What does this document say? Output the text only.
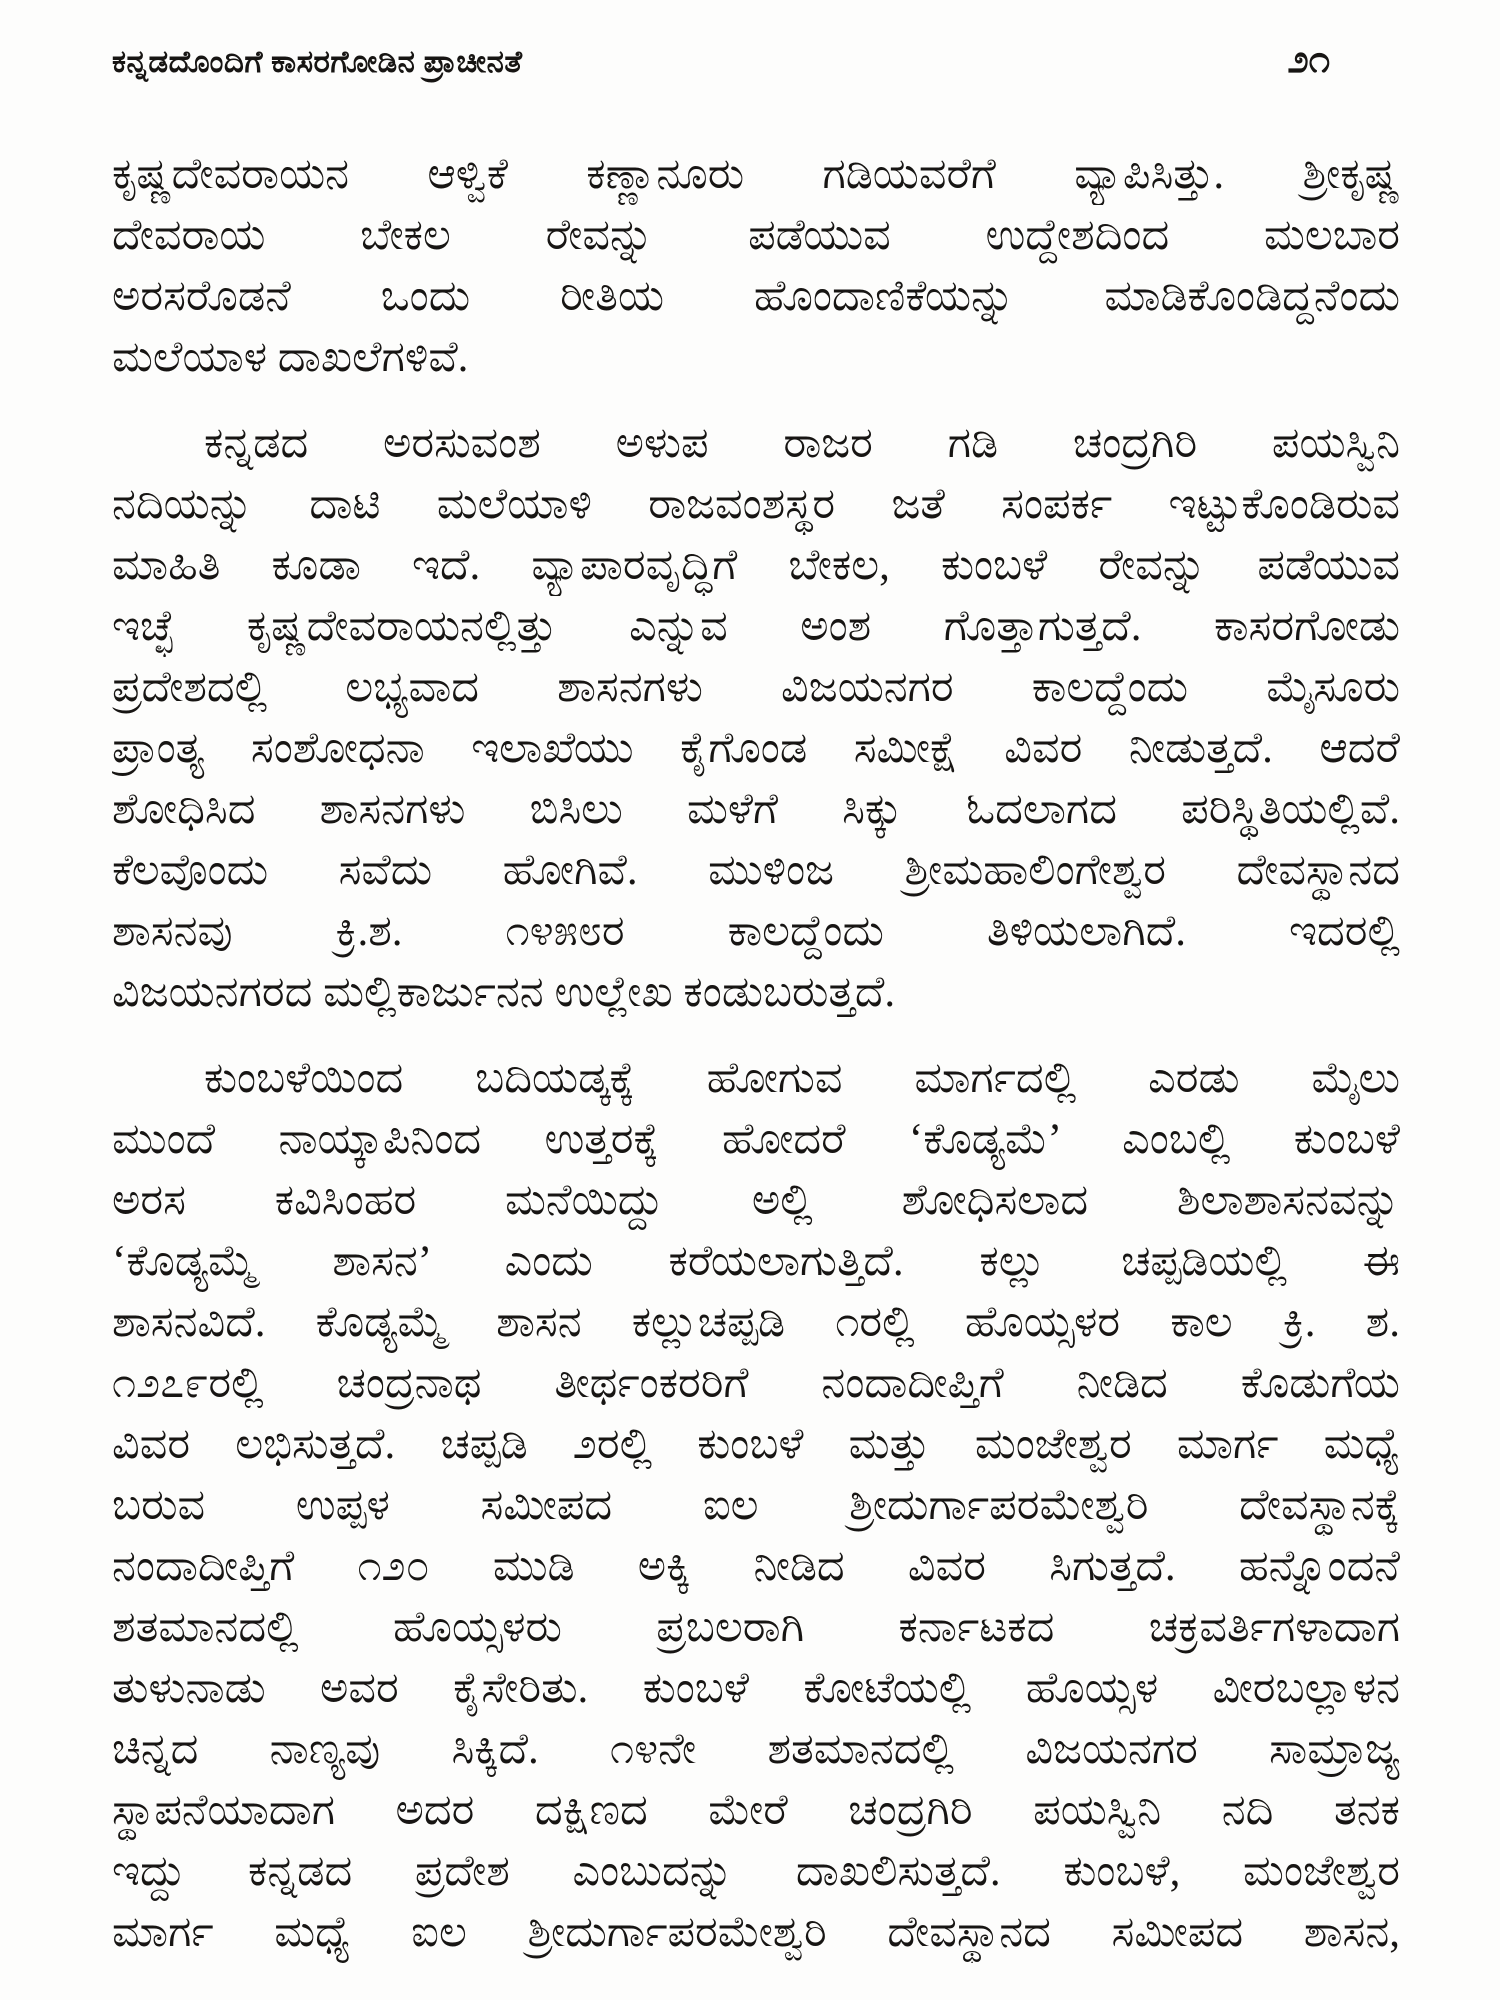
ಕನ್ನಡದೊಂದಿಗೆ ಕಾಸರಗೋಡಿನ ಪ್ರಾಚೀನತೆ	೨೧
ಕೃಷ್ಣದೇವರಾಯನ ಆಳ್ವಿಕೆ ಕಣ್ಣಾನೂರು ಗಡಿಯವರೆಗೆ ವ್ಯಾಪಿಸಿತ್ತು. ಶ್ರೀಕೃಷ್ಣ
ದೇವರಾಯ ಬೇಕಲ ರೇವನ್ನು ಪಡೆಯುವ ಉದ್ದೇಶದಿಂದ ಮಲಬಾರ
ಅರಸರೊಡನೆ ಒಂದು ರೀತಿಯ ಹೊಂದಾಣಿಕೆಯನ್ನು ಮಾಡಿಕೊಂಡಿದ್ದನೆಂದು
ಮಲೆಯಾಳ ದಾಖಲೆಗಳಿವೆ.
ಕನ್ನಡದ ಅರಸುವಂಶ ಅಳುಪ ರಾಜರ ಗಡಿ ಚಂದ್ರಗಿರಿ ಪಯಸ್ವಿನಿ
ನದಿಯನ್ನು ದಾಟಿ ಮಲೆಯಾಳಿ ರಾಜವಂಶಸ್ಥರ ಜತೆ ಸಂಪರ್ಕ ಇಟ್ಟುಕೊಂಡಿರುವ
ಮಾಹಿತಿ ಕೂಡಾ ಇದೆ. ವ್ಯಾಪಾರವೃದ್ಧಿಗೆ ಬೇಕಲ, ಕುಂಬಳೆ ರೇವನ್ನು ಪಡೆಯುವ
ಇಚ್ಛೆ ಕೃಷ್ಣದೇವರಾಯನಲ್ಲಿತ್ತು ಎನ್ನುವ ಅಂಶ ಗೊತ್ತಾಗುತ್ತದೆ. ಕಾಸರಗೋಡು
ಪ್ರದೇಶದಲ್ಲಿ ಲಭ್ಯವಾದ ಶಾಸನಗಳು ವಿಜಯನಗರ ಕಾಲದ್ದೆಂದು ಮೈಸೂರು
ಪ್ರಾಂತ್ಯ ಸಂಶೋಧನಾ ಇಲಾಖೆಯು ಕೈಗೊಂಡ ಸಮೀಕ್ಷೆ ವಿವರ ನೀಡುತ್ತದೆ. ಆದರೆ
ಶೋಧಿಸಿದ ಶಾಸನಗಳು ಬಿಸಿಲು ಮಳೆಗೆ ಸಿಕ್ಕು ಓದಲಾಗದ ಪರಿಸ್ಥಿತಿಯಲ್ಲಿವೆ.
ಕೆಲವೊಂದು ಸವೆದು ಹೋಗಿವೆ. ಮುಳಿಂಜ ಶ್ರೀಮಹಾಲಿಂಗೇಶ್ವರ ದೇವಸ್ಥಾನದ
ಶಾಸನವು ಕ್ರಿ.ಶ. ೧೪೫೮ರ ಕಾಲದ್ದೆಂದು ತಿಳಿಯಲಾಗಿದೆ. ಇದರಲ್ಲಿ
ವಿಜಯನಗರದ ಮಲ್ಲಿಕಾರ್ಜುನನ ಉಲ್ಲೇಖ ಕಂಡುಬರುತ್ತದೆ.
ಕುಂಬಳೆಯಿಂದ ಬದಿಯಡ್ಕಕ್ಕೆ ಹೋಗುವ ಮಾರ್ಗದಲ್ಲಿ ಎರಡು ಮೈಲು
ಮುಂದೆ ನಾಯ್ಕಾಪಿನಿಂದ ಉತ್ತರಕ್ಕೆ ಹೋದರೆ ‘ಕೊಡ್ಯಮೆ’ ಎಂಬಲ್ಲಿ ಕುಂಬಳೆ
ಅರಸ ಕವಿಸಿಂಹರ ಮನೆಯಿದ್ದು ಅಲ್ಲಿ ಶೋಧಿಸಲಾದ ಶಿಲಾಶಾಸನವನ್ನು
‘ಕೊಡ್ಯಮ್ಮೆ ಶಾಸನ’ ಎಂದು ಕರೆಯಲಾಗುತ್ತಿದೆ. ಕಲ್ಲು ಚಪ್ಪಡಿಯಲ್ಲಿ ಈ
ಶಾಸನವಿದೆ. ಕೊಡ್ಯಮ್ಮೆ ಶಾಸನ ಕಲ್ಲುಚಪ್ಪಡಿ ೧ರಲ್ಲಿ ಹೊಯ್ಸಳರ ಕಾಲ ಕ್ರಿ. ಶ.
೧೨೭೯ರಲ್ಲಿ ಚಂದ್ರನಾಥ ತೀರ್ಥಂಕರರಿಗೆ ನಂದಾದೀಪ್ತಿಗೆ ನೀಡಿದ ಕೊಡುಗೆಯ
ವಿವರ ಲಭಿಸುತ್ತದೆ. ಚಪ್ಪಡಿ ೨ರಲ್ಲಿ ಕುಂಬಳೆ ಮತ್ತು ಮಂಜೇಶ್ವರ ಮಾರ್ಗ ಮಧ್ಯೆ
ಬರುವ ಉಪ್ಪಳ ಸಮೀಪದ ಐಲ ಶ್ರೀದುರ್ಗಾಪರಮೇಶ್ವರಿ ದೇವಸ್ಥಾನಕ್ಕೆ
ನಂದಾದೀಪ್ತಿಗೆ ೧೨೦ ಮುಡಿ ಅಕ್ಕಿ ನೀಡಿದ ವಿವರ ಸಿಗುತ್ತದೆ. ಹನ್ನೊಂದನೆ
ಶತಮಾನದಲ್ಲಿ ಹೊಯ್ಸಳರು ಪ್ರಬಲರಾಗಿ ಕರ್ನಾಟಕದ ಚಕ್ರವರ್ತಿಗಳಾದಾಗ
ತುಳುನಾಡು ಅವರ ಕೈಸೇರಿತು. ಕುಂಬಳೆ ಕೋಟೆಯಲ್ಲಿ ಹೊಯ್ಸಳ ವೀರಬಲ್ಲಾಳನ
ಚಿನ್ನದ ನಾಣ್ಯವು ಸಿಕ್ಕಿದೆ. ೧೪ನೇ ಶತಮಾನದಲ್ಲಿ ವಿಜಯನಗರ ಸಾಮ್ರಾಜ್ಯ
ಸ್ಥಾಪನೆಯಾದಾಗ ಅದರ ದಕ್ಷಿಣದ ಮೇರೆ ಚಂದ್ರಗಿರಿ ಪಯಸ್ವಿನಿ ನದಿ ತನಕ
ಇದ್ದು ಕನ್ನಡದ ಪ್ರದೇಶ ಎಂಬುದನ್ನು ದಾಖಲಿಸುತ್ತದೆ. ಕುಂಬಳೆ, ಮಂಜೇಶ್ವರ
ಮಾರ್ಗ ಮಧ್ಯೆ ಐಲ ಶ್ರೀದುರ್ಗಾಪರಮೇಶ್ವರಿ ದೇವಸ್ಥಾನದ ಸಮೀಪದ ಶಾಸನ,
